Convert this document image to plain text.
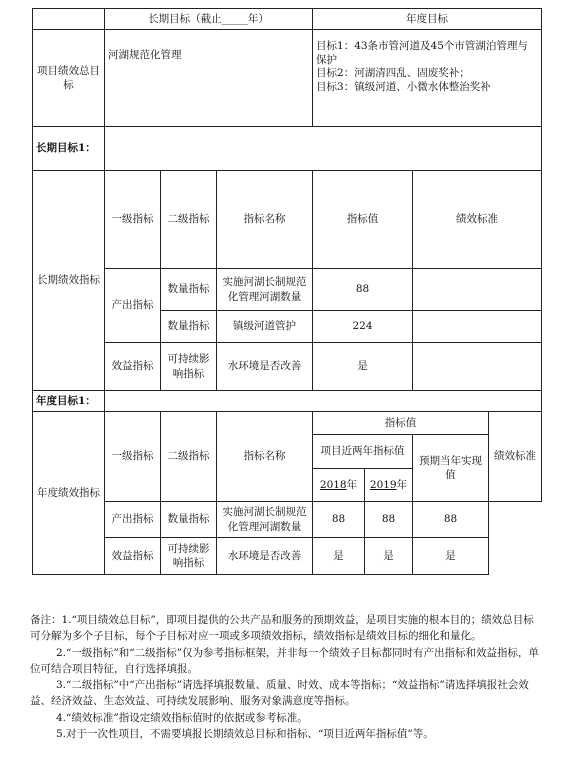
	长期目标（截止_____年）			年度目标			
项目绩效总目标	河湖规范化管理			目标1：43条市管河道及45个市管湖泊管理与保护
目标2：河湖清四乱、固废奖补；
目标3：镇级河道、小微水体整治奖补			

长期目标1：							
长期绩效指标	一级指标	二级指标	指标名称	指标值		绩效标准	
	产出指标	数量指标	实施河湖长制规范化管理河湖数量	88			
		数量指标	镇级河道管护	224			
	效益指标	可持续影响指标	水环境是否改善	是			
年度目标1：							
年度绩效指标	一级指标	二级指标	指标名称	指标值			绩效标准
				项目近两年指标值		预期当年实现值	
				2018年	2019年		
	产出指标	数量指标	实施河湖长制规范化管理河湖数量	88	88	88	
	效益指标	可持续影响指标	水环境是否改善	是	是	是	

备注：1.“项目绩效总目标”，即项目提供的公共产品和服务的预期效益，是项目实施的根本目的；绩效总目标可分解为多个子目标，每个子目标对应一项或多项绩效指标，绩效指标是绩效目标的细化和量化。

2.“一级指标”和“二级指标”仅为参考指标框架，并非每一个绩效子目标都同时有产出指标和效益指标，单位可结合项目特征，自行选择填报。

3.“二级指标”中“产出指标”请选择填报数量、质量、时效、成本等指标；“效益指标”请选择填报社会效益、经济效益、生态效益、可持续发展影响、服务对象满意度等指标。

4.“绩效标准”指设定绩效指标值时的依据或参考标准。

5.对于一次性项目，不需要填报长期绩效总目标和指标、“项目近两年指标值”等。
